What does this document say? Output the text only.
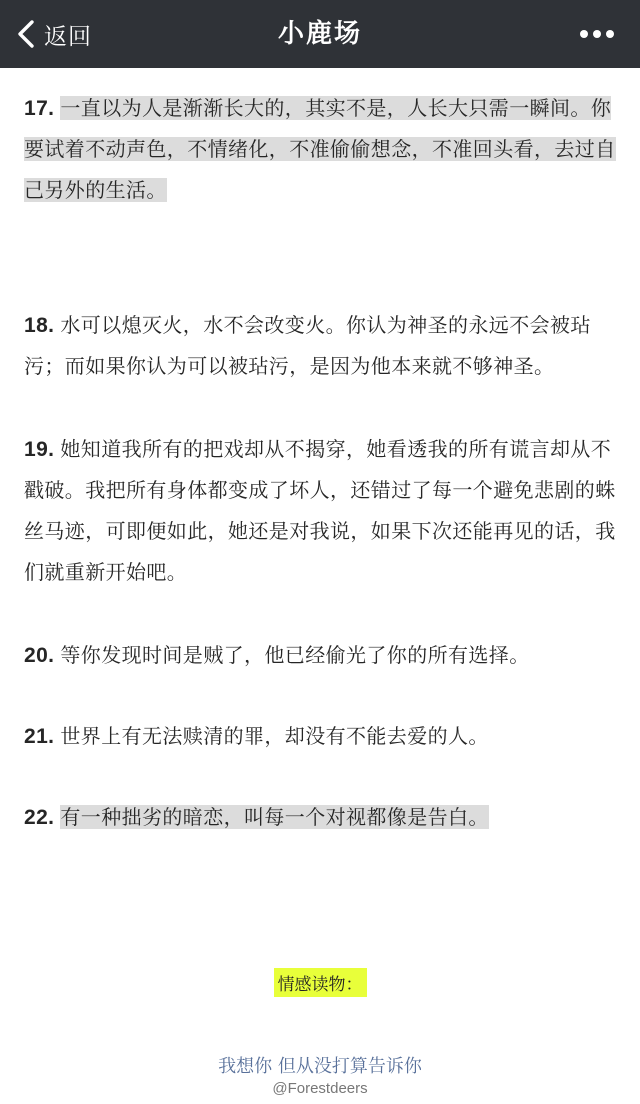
返回	小鹿场
17. 一直以为人是渐渐长大的，其实不是，人长大只需一瞬间。你要试着不动声色，不情绪化，不准偷偷想念，不准回头看，去过自己另外的生活。
18. 水可以熄灭火，水不会改变火。你认为神圣的永远不会被玷污；而如果你认为可以被玷污，是因为他本来就不够神圣。
19. 她知道我所有的把戏却从不揭穿，她看透我的所有谎言却从不戳破。我把所有身体都变成了坏人，还错过了每一个避免悲剧的蛛丝马迹，可即便如此，她还是对我说，如果下次还能再见的话，我们就重新开始吧。
20. 等你发现时间是贼了，他已经偷光了你的所有选择。
21. 世界上有无法赎清的罪，却没有不能去爱的人。
22. 有一种拙劣的暗恋，叫每一个对视都像是告白。
情感读物：
我想你 但从没打算告诉你
@Forestdeers
